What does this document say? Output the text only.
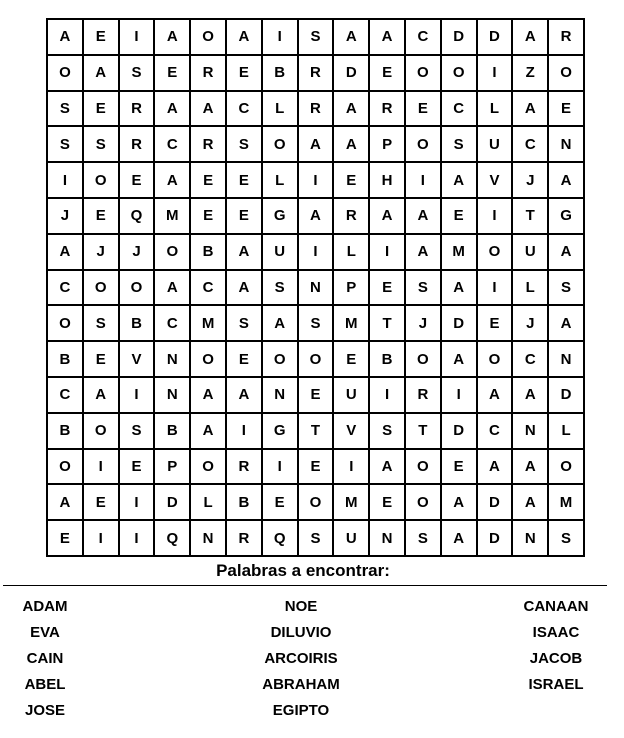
A	E	I	A	O	A	I	S	A	A	C	D	D	A	R
O	A	S	E	R	E	B	R	D	E	O	O	I	Z	O
S	E	R	A	A	C	L	R	A	R	E	C	L	A	E
S	S	R	C	R	S	O	A	A	P	O	S	U	C	N
I	O	E	A	E	E	L	I	E	H	I	A	V	J	A
J	E	Q	M	E	E	G	A	R	A	A	E	I	T	G
A	J	J	O	B	A	U	I	L	I	A	M	O	U	A
C	O	O	A	C	A	S	N	P	E	S	A	I	L	S
O	S	B	C	M	S	A	S	M	T	J	D	E	J	A
B	E	V	N	O	E	O	O	E	B	O	A	O	C	N
C	A	I	N	A	A	N	E	U	I	R	I	A	A	D
B	O	S	B	A	I	G	T	V	S	T	D	C	N	L
O	I	E	P	O	R	I	E	I	A	O	E	A	A	O
A	E	I	D	L	B	E	O	M	E	O	A	D	A	M
E	I	I	Q	N	R	Q	S	U	N	S	A	D	N	S
Palabras a encontrar:
ADAM
EVA
CAIN
ABEL
JOSE
NOE
DILUVIO
ARCOIRIS
ABRAHAM
EGIPTO
CANAAN
ISAAC
JACOB
ISRAEL
